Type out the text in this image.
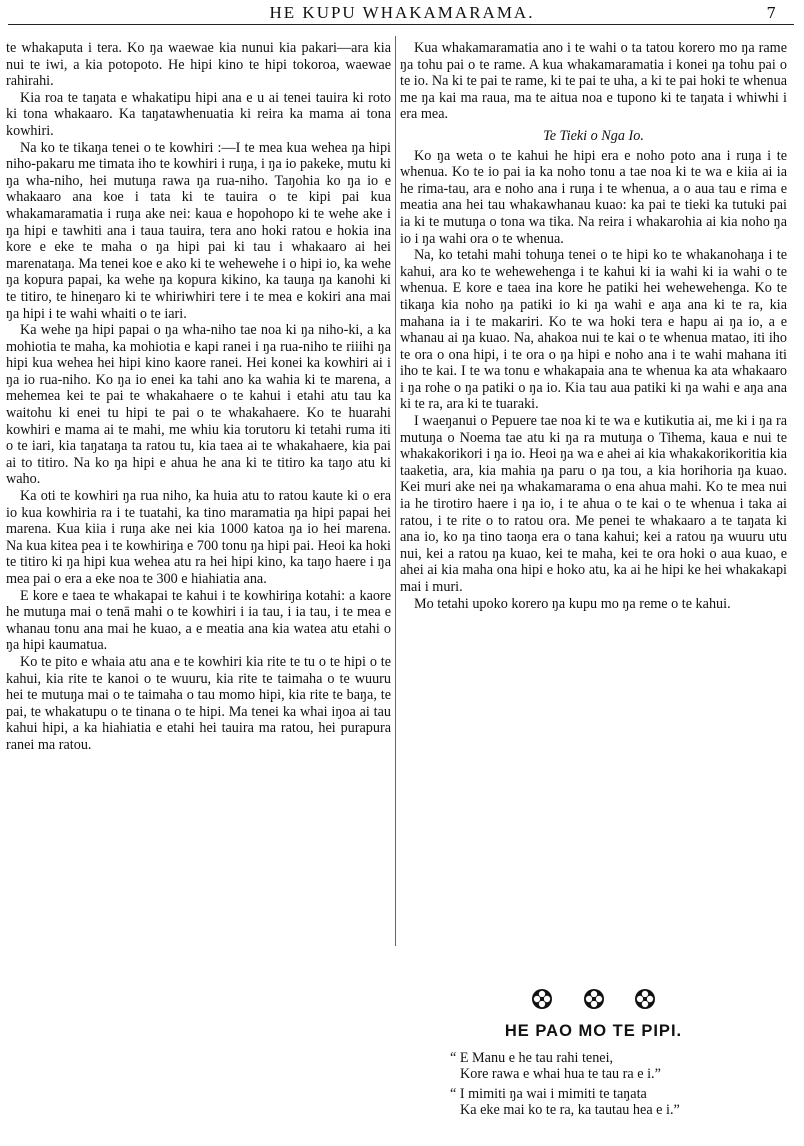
HE KUPU WHAKAMARAMA.	7

te whakaputa i tera. Ko ŋa waewae kia nunui kia pakari—ara kia nui te iwi, a kia potopoto. He hipi kino te hipi tokoroa, waewae rahirahi.

Kia roa te taŋata e whakatipu hipi ana e u ai tenei tauira ki roto ki tona whakaaro. Ka taŋatawhenuatia ki reira ka mama ai tona kowhiri.

Na ko te tikaŋa tenei o te kowhiri :—I te mea kua wehea ŋa hipi niho-pakaru me timata iho te kowhiri i ruŋa, i ŋa io pakeke, mutu ki ŋa wha-niho, hei mutuŋa rawa ŋa rua-niho. Taŋohia ko ŋa io e whakaaro ana koe i tata ki te tauira o te kipi pai kua whakamaramatia i ruŋa ake nei: kaua e hopohopo ki te wehe ake i ŋa hipi e tawhiti ana i taua tauira, tera ano hoki ratou e hokia ina kore e eke te maha o ŋa hipi pai ki tau i whakaaro ai hei marenataŋa. Ma tenei koe e ako ki te wehewehe i o hipi io, ka wehe ŋa kopura papai, ka wehe ŋa kopura kikino, ka tauŋa ŋa kanohi ki te titiro, te hineŋaro ki te whiriwhiri tere i te mea e kokiri ana mai ŋa hipi i te wahi whaiti o te iari.

Ka wehe ŋa hipi papai o ŋa wha-niho tae noa ki ŋa niho-ki, a ka mohiotia te maha, ka mohiotia e kapi ranei i ŋa rua-niho te riiihi ŋa hipi kua wehea hei hipi kino kaore ranei. Hei konei ka kowhiri ai i ŋa io rua-niho. Ko ŋa io enei ka tahi ano ka wahia ki te marena, a mehemea kei te pai te whakahaere o te kahui i etahi atu tau ka waitohu ki enei tu hipi te pai o te whakahaere. Ko te huarahi kowhiri e mama ai te mahi, me whiu kia torutoru ki tetahi ruma iti o te iari, kia taŋataŋa ta ratou tu, kia taea ai te whakahaere, kia pai ai to titiro. Na ko ŋa hipi e ahua he ana ki te titiro ka taŋo atu ki waho.

Ka oti te kowhiri ŋa rua niho, ka huia atu to ratou kaute ki o era io kua kowhiria ra i te tuatahi, ka tino maramatia ŋa hipi papai hei marena. Kua kiia i ruŋa ake nei kia 1000 katoa ŋa io hei marena. Na kua kitea pea i te kowhiriŋa e 700 tonu ŋa hipi pai. Heoi ka hoki te titiro ki ŋa hipi kua wehea atu ra hei hipi kino, ka taŋo haere i ŋa mea pai o era a eke noa te 300 e hiahiatia ana.

E kore e taea te whakapai te kahui i te kowhiriŋa kotahi: a kaore he mutuŋa mai o tenā mahi o te kowhiri i ia tau, i ia tau, i te mea e whanau tonu ana mai he kuao, a e meatia ana kia watea atu etahi o ŋa hipi kaumatua.

Ko te pito e whaia atu ana e te kowhiri kia rite te tu o te hipi o te kahui, kia rite te kanoi o te wuuru, kia rite te taimaha o te wuuru hei te mutuŋa mai o te taimaha o tau momo hipi, kia rite te baŋa, te pai, te whakatupu o te tinana o te hipi. Ma tenei ka whai iŋoa ai tau kahui hipi, a ka hiahiatia e etahi hei tauira ma ratou, hei purapura ranei ma ratou.

Kua whakamaramatia ano i te wahi o ta tatou korero mo ŋa rame ŋa tohu pai o te rame. A kua whakamaramatia i konei ŋa tohu pai o te io. Na ki te pai te rame, ki te pai te uha, a ki te pai hoki te whenua me ŋa kai ma raua, ma te aitua noa e tupono ki te taŋata i whiwhi i era mea.

Te Tieki o Nga Io.

Ko ŋa weta o te kahui he hipi era e noho poto ana i ruŋa i te whenua. Ko te io pai ia ka noho tonu a tae noa ki te wa e kiia ai ia he rima-tau, ara e noho ana i ruŋa i te whenua, a o aua tau e rima e meatia ana hei tau whakawhanau kuao: ka pai te tieki ka tutuki pai ia ki te mutuŋa o tona wa tika. Na reira i whakarohia ai kia noho ŋa io i ŋa wahi ora o te whenua.

Na, ko tetahi mahi tohuŋa tenei o te hipi ko te whakanohaŋa i te kahui, ara ko te wehewehenga i te kahui ki ia wahi ki ia wahi o te whenua. E kore e taea ina kore he patiki hei wehewehenga. Ko te tikaŋa kia noho ŋa patiki io ki ŋa wahi e aŋa ana ki te ra, kia mahana ia i te makariri. Ko te wa hoki tera e hapu ai ŋa io, a e whanau ai ŋa kuao. Na, ahakoa nui te kai o te whenua matao, iti iho te ora o ona hipi, i te ora o ŋa hipi e noho ana i te wahi mahana iti iho te kai. I te wa tonu e whakapaia ana te whenua ka ata whakaaro i ŋa rohe o ŋa patiki o ŋa io. Kia tau aua patiki ki ŋa wahi e aŋa ana ki te ra, ara ki te tuaraki.

I waeŋanui o Pepuere tae noa ki te wa e kutikutia ai, me ki i ŋa ra mutuŋa o Noema tae atu ki ŋa ra mutuŋa o Tihema, kaua e nui te whakakorikori i ŋa io. Heoi ŋa wa e ahei ai kia whakakorikoritia kia taaketia, ara, kia mahia ŋa paru o ŋa tou, a kia horihoria ŋa kuao. Kei muri ake nei ŋa whakamarama o ena ahua mahi. Ko te mea nui ia he tirotiro haere i ŋa io, i te ahua o te kai o te whenua i taka ai ratou, i te rite o to ratou ora. Me penei te whakaaro a te taŋata ki ana io, ko ŋa tino taoŋa era o tana kahui; kei a ratou ŋa wuuru utu nui, kei a ratou ŋa kuao, kei te maha, kei te ora hoki o aua kuao, e ahei ai kia maha ona hipi e hoko atu, ka ai he hipi ke hei whakakapi mai i muri.

Mo tetahi upoko korero ŋa kupu mo ŋa reme o te kahui.

HE PAO MO TE PIPI.
“ E Manu e he tau rahi tenei,
Kore rawa e whai hua te tau ra e i.”
“ I mimiti ŋa wai i mimiti te taŋata
Ka eke mai ko te ra, ka tautau hea e i.”
